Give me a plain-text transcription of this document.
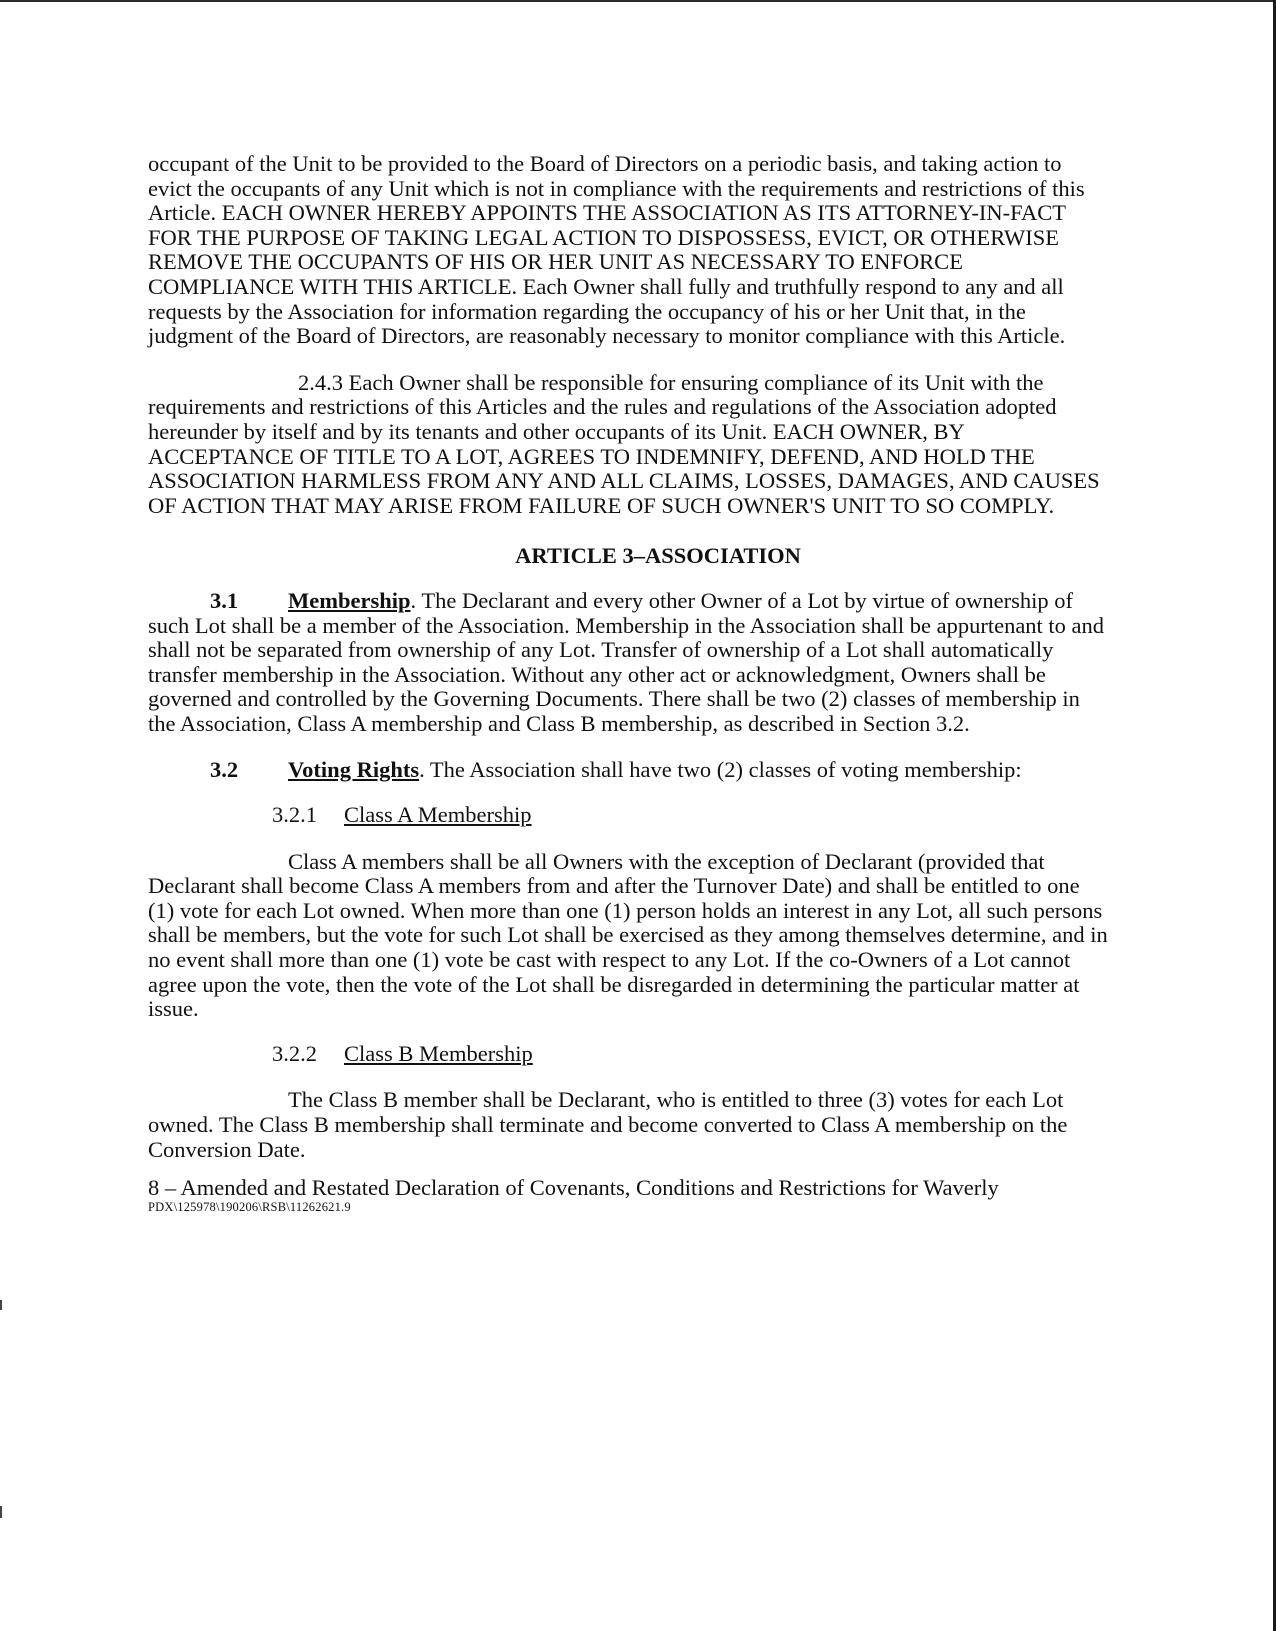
occupant of the Unit to be provided to the Board of Directors on a periodic basis, and taking action to evict the occupants of any Unit which is not in compliance with the requirements and restrictions of this Article. EACH OWNER HEREBY APPOINTS THE ASSOCIATION AS ITS ATTORNEY-IN-FACT FOR THE PURPOSE OF TAKING LEGAL ACTION TO DISPOSSESS, EVICT, OR OTHERWISE REMOVE THE OCCUPANTS OF HIS OR HER UNIT AS NECESSARY TO ENFORCE COMPLIANCE WITH THIS ARTICLE. Each Owner shall fully and truthfully respond to any and all requests by the Association for information regarding the occupancy of his or her Unit that, in the judgment of the Board of Directors, are reasonably necessary to monitor compliance with this Article.

2.4.3 Each Owner shall be responsible for ensuring compliance of its Unit with the requirements and restrictions of this Articles and the rules and regulations of the Association adopted hereunder by itself and by its tenants and other occupants of its Unit. EACH OWNER, BY ACCEPTANCE OF TITLE TO A LOT, AGREES TO INDEMNIFY, DEFEND, AND HOLD THE ASSOCIATION HARMLESS FROM ANY AND ALL CLAIMS, LOSSES, DAMAGES, AND CAUSES OF ACTION THAT MAY ARISE FROM FAILURE OF SUCH OWNER'S UNIT TO SO COMPLY.

ARTICLE 3–ASSOCIATION

3.1 Membership. The Declarant and every other Owner of a Lot by virtue of ownership of such Lot shall be a member of the Association. Membership in the Association shall be appurtenant to and shall not be separated from ownership of any Lot. Transfer of ownership of a Lot shall automatically transfer membership in the Association. Without any other act or acknowledgment, Owners shall be governed and controlled by the Governing Documents. There shall be two (2) classes of membership in the Association, Class A membership and Class B membership, as described in Section 3.2.

3.2 Voting Rights. The Association shall have two (2) classes of voting membership:

3.2.1 Class A Membership

Class A members shall be all Owners with the exception of Declarant (provided that Declarant shall become Class A members from and after the Turnover Date) and shall be entitled to one (1) vote for each Lot owned. When more than one (1) person holds an interest in any Lot, all such persons shall be members, but the vote for such Lot shall be exercised as they among themselves determine, and in no event shall more than one (1) vote be cast with respect to any Lot. If the co-Owners of a Lot cannot agree upon the vote, then the vote of the Lot shall be disregarded in determining the particular matter at issue.

3.2.2 Class B Membership

The Class B member shall be Declarant, who is entitled to three (3) votes for each Lot owned. The Class B membership shall terminate and become converted to Class A membership on the Conversion Date.

8 – Amended and Restated Declaration of Covenants, Conditions and Restrictions for Waverly
PDX\125978\190206\RSB\11262621.9
